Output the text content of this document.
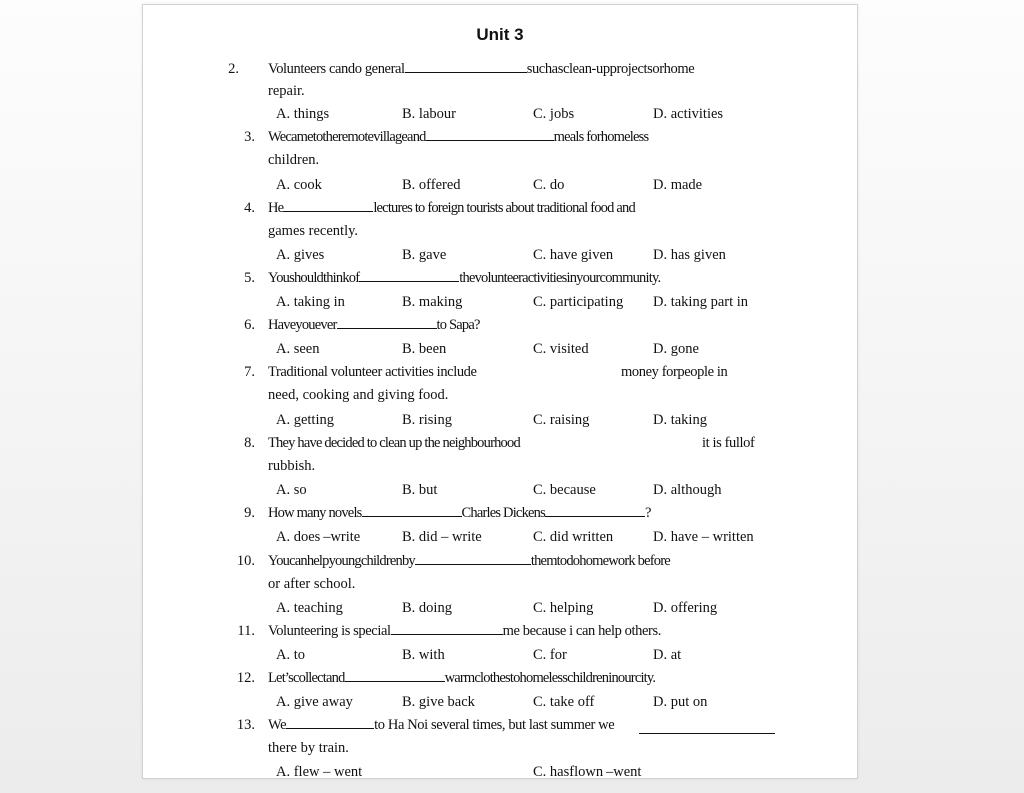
Unit 3
2. Volunteers cando general	suchasclean-upprojectsorhome
repair.
A. things	B. labour	C. jobs	D. activities
3. Wecametotheremotevillageand	meals forhomeless
children.
A. cook	B. offered	C. do	D. made
4. He	lectures to foreign tourists about traditional food and
games recently.
A. gives	B. gave	C. have given	D. has given
5. Youshouldthinkof	thevolunteeractivitiesinyourcommunity.
A. taking in	B. making	C. participating D. taking part in
6. Haveyouever	to Sapa?
A. seen	B. been	C. visited	D. gone
7. Traditional volunteer activities include	money forpeople in
need, cooking and giving food.
A. getting	B. rising	C. raising	D. taking
8. They have decided to clean up the neighbourhood	it is fullof
rubbish.
A. so	B. but	C. because	D. although
9. How many novels	Charles Dickens	?
A. does –write	B. did – write	C. did written	D. have – written
10. Youcanhelpyoungchildrenby	themtodohomework before
or after school.
A. teaching	B. doing	C. helping	D. offering
11. Volunteering is special	me because i can help others.
A. to	B. with	C. for	D. at
12. Let’scollectand	warmclothestohomelesschildreninourcity.
A. give away	B. give back	C. take off	D. put on
13. We	to Ha Noi several times, but last summer we
there by train.
A. flew – went	C. hasflown –went
